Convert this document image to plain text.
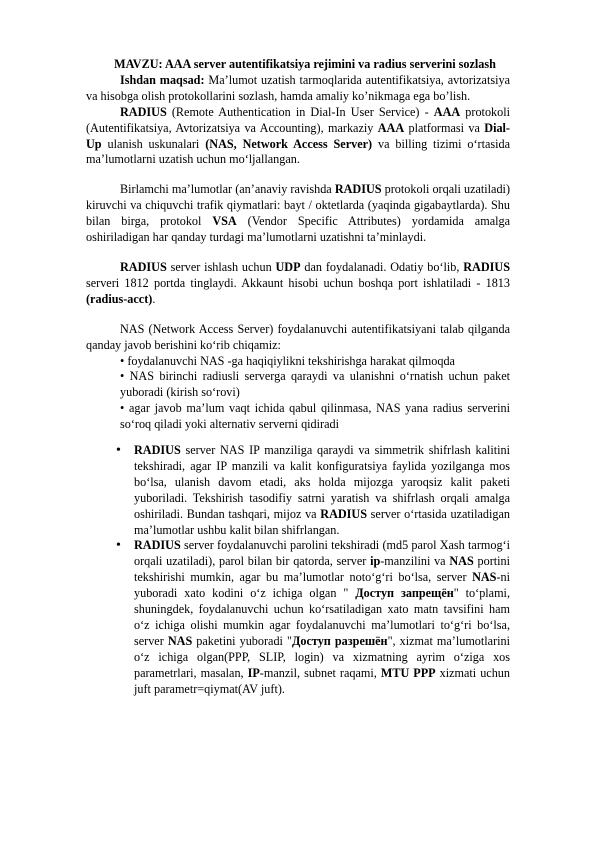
MAVZU: AAA server autentifikatsiya rejimini va radius serverini sozlash

Ishdan maqsad: Ma’lumot uzatish tarmoqlarida autentifikatsiya, avtorizatsiya va hisobga olish protokollarini sozlash, hamda amaliy ko’nikmaga ega bo’lish.

RADIUS (Remote Authentication in Dial-In User Service) - AAA protokoli (Autentifikatsiya, Avtorizatsiya va Accounting), markaziy AAA platformasi va Dial-Up ulanish uskunalari (NAS, Network Access Server) va billing tizimi o‘rtasida ma’lumotlarni uzatish uchun mo‘ljallangan.

Birlamchi ma’lumotlar (an’anaviy ravishda RADIUS protokoli orqali uzatiladi) kiruvchi va chiquvchi trafik qiymatlari: bayt / oktetlarda (yaqinda gigabaytlarda). Shu bilan birga, protokol VSA (Vendor Specific Attributes) yordamida amalga oshiriladigan har qanday turdagi ma’lumotlarni uzatishni ta’minlaydi.

RADIUS server ishlash uchun UDP dan foydalanadi. Odatiy bo‘lib, RADIUS serveri 1812 portda tinglaydi. Akkaunt hisobi uchun boshqa port ishlatiladi - 1813 (radius-acct).

NAS (Network Access Server) foydalanuvchi autentifikatsiyani talab qilganda qanday javob berishini ko‘rib chiqamiz:

• foydalanuvchi NAS -ga haqiqiylikni tekshirishga harakat qilmoqda

• NAS birinchi radiusli serverga qaraydi va ulanishni o‘rnatish uchun paket yuboradi (kirish so‘rovi)

• agar javob ma’lum vaqt ichida qabul qilinmasa, NAS yana radius serverini so‘roq qiladi yoki alternativ serverni qidiradi

• RADIUS server NAS IP manziliga qaraydi va simmetrik shifrlash kalitini tekshiradi, agar IP manzili va kalit konfiguratsiya faylida yozilganga mos bo‘lsa, ulanish davom etadi, aks holda mijozga yaroqsiz kalit paketi yuboriladi. Tekshirish tasodifiy satrni yaratish va shifrlash orqali amalga oshiriladi. Bundan tashqari, mijoz va RADIUS server o‘rtasida uzatiladigan ma’lumotlar ushbu kalit bilan shifrlangan.
• RADIUS server foydalanuvchi parolini tekshiradi (md5 parol Xash tarmog‘i orqali uzatiladi), parol bilan bir qatorda, server ip-manzilini va NAS portini tekshirishi mumkin, agar bu ma’lumotlar noto‘g‘ri bo‘lsa, server NAS-ni yuboradi xato kodini o‘z ichiga olgan " Доступ запрещён" to‘plami, shuningdek, foydalanuvchi uchun ko‘rsatiladigan xato matn tavsifini ham o‘z ichiga olishi mumkin agar foydalanuvchi ma’lumotlari to‘g‘ri bo‘lsa, server NAS paketini yuboradi "Доступ разрешён", xizmat ma’lumotlarini o‘z ichiga olgan(PPP, SLIP, login) va xizmatning ayrim o‘ziga xos parametrlari, masalan, IP-manzil, subnet raqami, MTU PPP xizmati uchun juft parametr=qiymat(AV juft).
